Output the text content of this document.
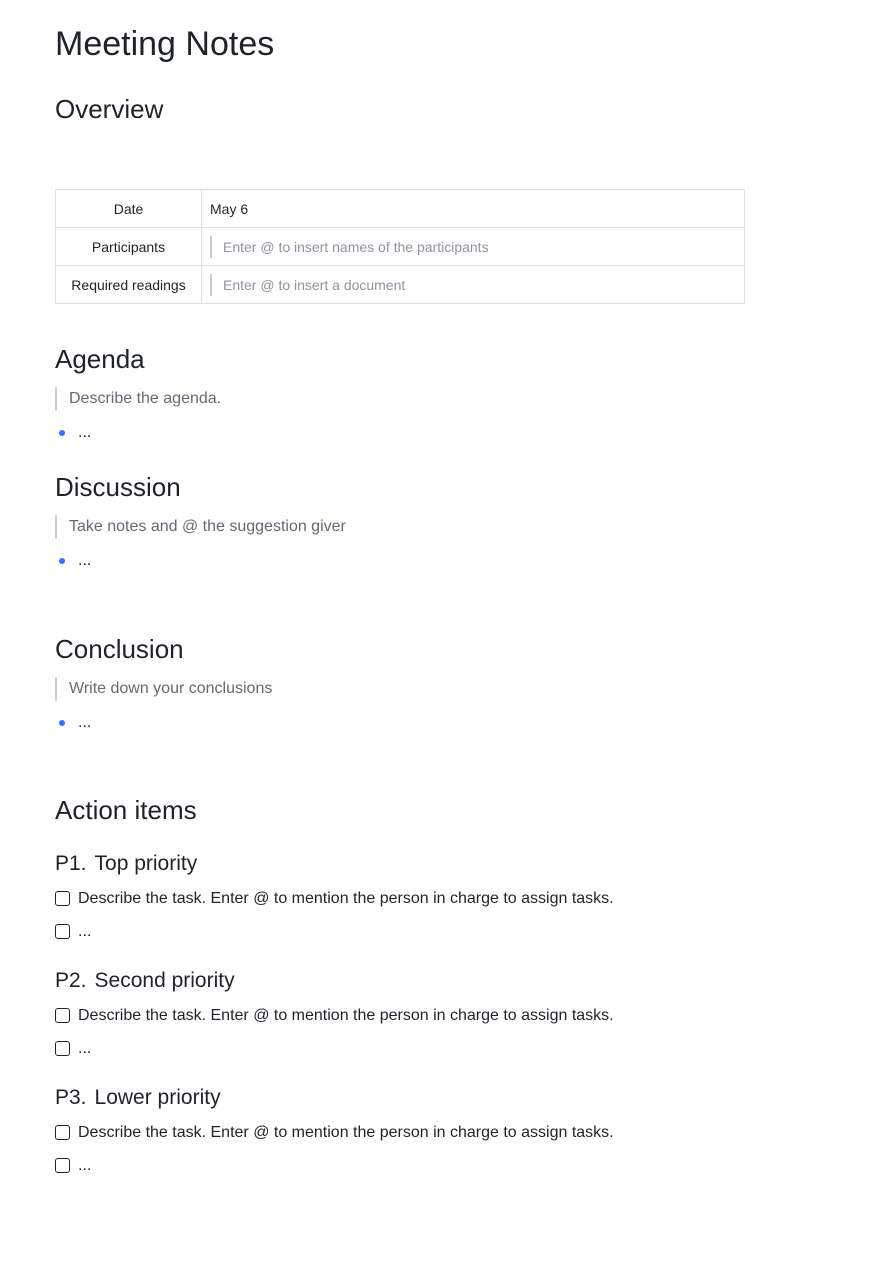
Meeting Notes
Overview
Date	May 6
Participants	Enter @ to insert names of the participants
Required readings	Enter @ to insert a document
Agenda
Describe the agenda.
...
Discussion
Take notes and @ the suggestion giver
...
Conclusion
Write down your conclusions
...
Action items
P1. Top priority
Describe the task. Enter @ to mention the person in charge to assign tasks.
...
P2. Second priority
Describe the task. Enter @ to mention the person in charge to assign tasks.
...
P3. Lower priority
Describe the task. Enter @ to mention the person in charge to assign tasks.
...
